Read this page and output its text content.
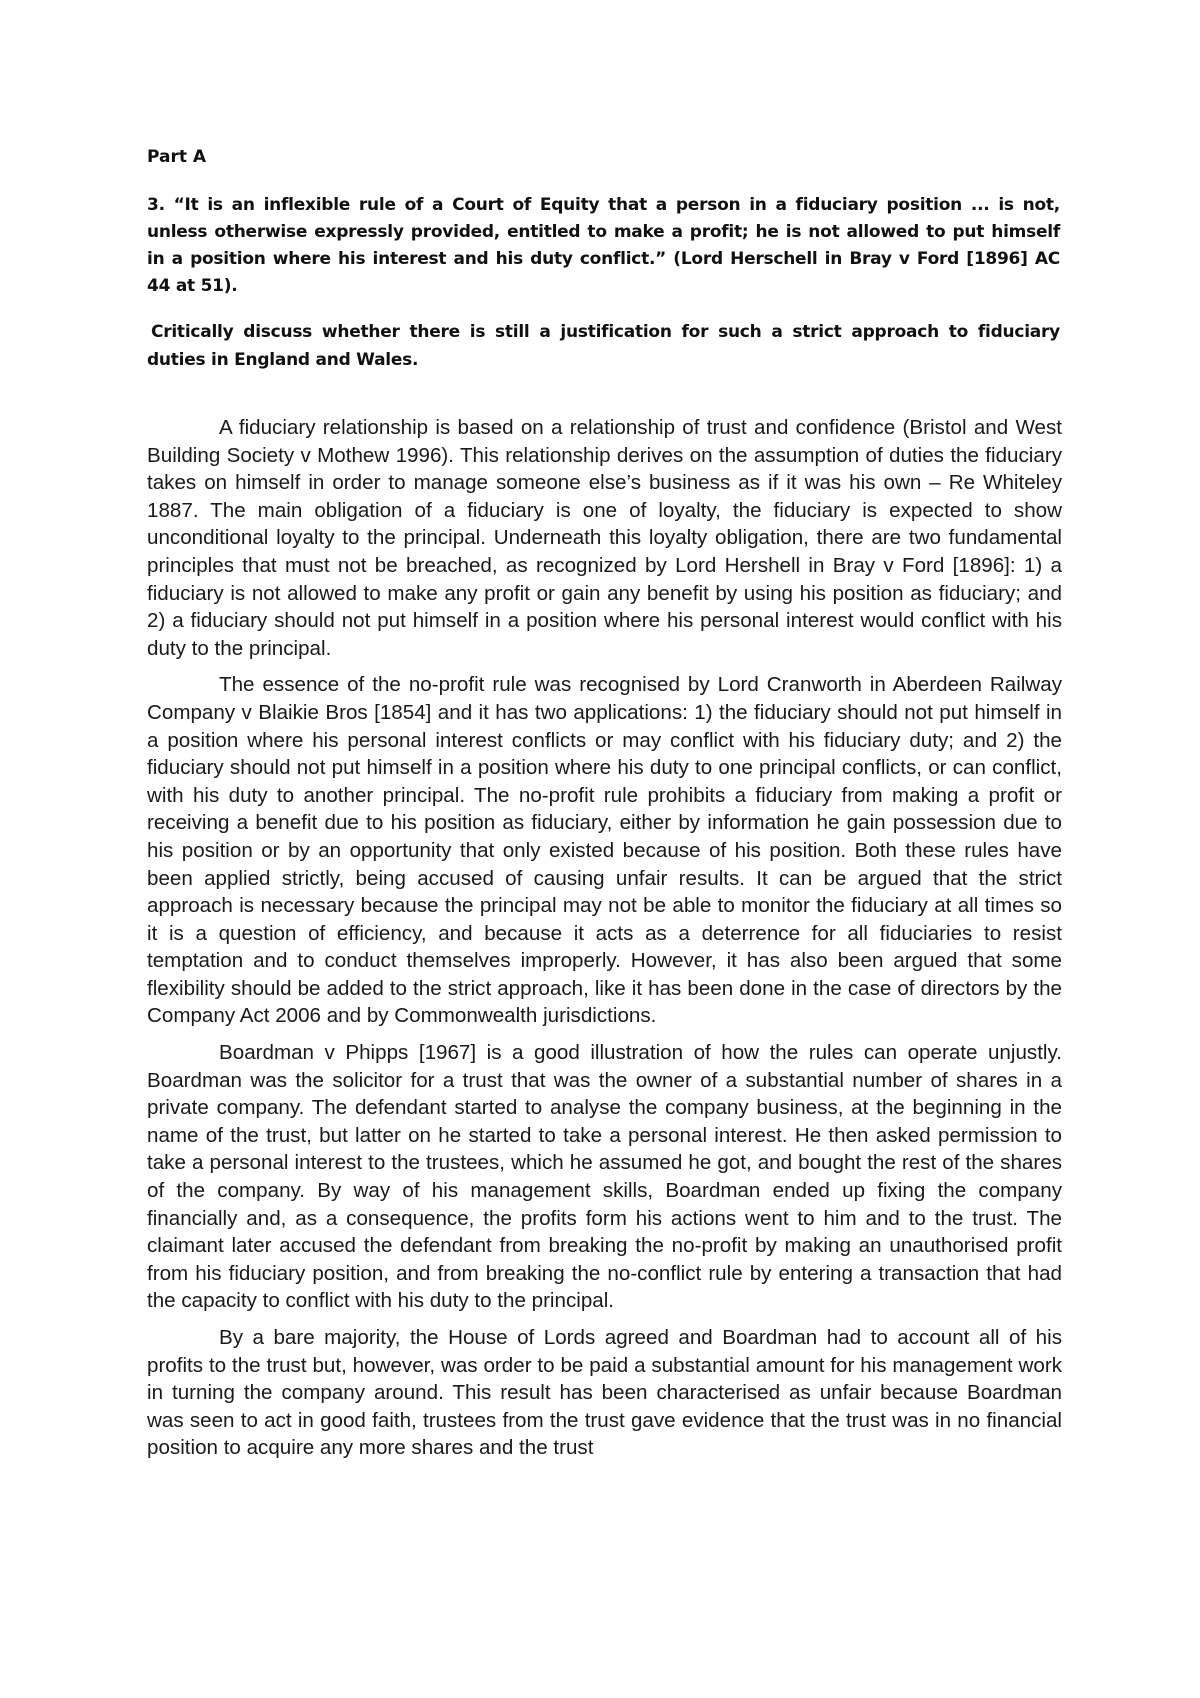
Part A

3. “It is an inflexible rule of a Court of Equity that a person in a fiduciary position ... is not, unless otherwise expressly provided, entitled to make a profit; he is not allowed to put himself in a position where his interest and his duty conflict.” (Lord Herschell in Bray v Ford [1896] AC 44 at 51).

Critically discuss whether there is still a justification for such a strict approach to fiduciary duties in England and Wales.

A fiduciary relationship is based on a relationship of trust and confidence (Bristol and West Building Society v Mothew 1996). This relationship derives on the assumption of duties the fiduciary takes on himself in order to manage someone else’s business as if it was his own – Re Whiteley 1887. The main obligation of a fiduciary is one of loyalty, the fiduciary is expected to show unconditional loyalty to the principal. Underneath this loyalty obligation, there are two fundamental principles that must not be breached, as recognized by Lord Hershell in Bray v Ford [1896]: 1) a fiduciary is not allowed to make any profit or gain any benefit by using his position as fiduciary; and 2) a fiduciary should not put himself in a position where his personal interest would conflict with his duty to the principal.

The essence of the no-profit rule was recognised by Lord Cranworth in Aberdeen Railway Company v Blaikie Bros [1854] and it has two applications: 1) the fiduciary should not put himself in a position where his personal interest conflicts or may conflict with his fiduciary duty; and 2) the fiduciary should not put himself in a position where his duty to one principal conflicts, or can conflict, with his duty to another principal. The no-profit rule prohibits a fiduciary from making a profit or receiving a benefit due to his position as fiduciary, either by information he gain possession due to his position or by an opportunity that only existed because of his position. Both these rules have been applied strictly, being accused of causing unfair results. It can be argued that the strict approach is necessary because the principal may not be able to monitor the fiduciary at all times so it is a question of efficiency, and because it acts as a deterrence for all fiduciaries to resist temptation and to conduct themselves improperly. However, it has also been argued that some flexibility should be added to the strict approach, like it has been done in the case of directors by the Company Act 2006 and by Commonwealth jurisdictions.

Boardman v Phipps [1967] is a good illustration of how the rules can operate unjustly. Boardman was the solicitor for a trust that was the owner of a substantial number of shares in a private company. The defendant started to analyse the company business, at the beginning in the name of the trust, but latter on he started to take a personal interest. He then asked permission to take a personal interest to the trustees, which he assumed he got, and bought the rest of the shares of the company. By way of his management skills, Boardman ended up fixing the company financially and, as a consequence, the profits form his actions went to him and to the trust. The claimant later accused the defendant from breaking the no-profit by making an unauthorised profit from his fiduciary position, and from breaking the no-conflict rule by entering a transaction that had the capacity to conflict with his duty to the principal.

By a bare majority, the House of Lords agreed and Boardman had to account all of his profits to the trust but, however, was order to be paid a substantial amount for his management work in turning the company around. This result has been characterised as unfair because Boardman was seen to act in good faith, trustees from the trust gave evidence that the trust was in no financial position to acquire any more shares and the trust
